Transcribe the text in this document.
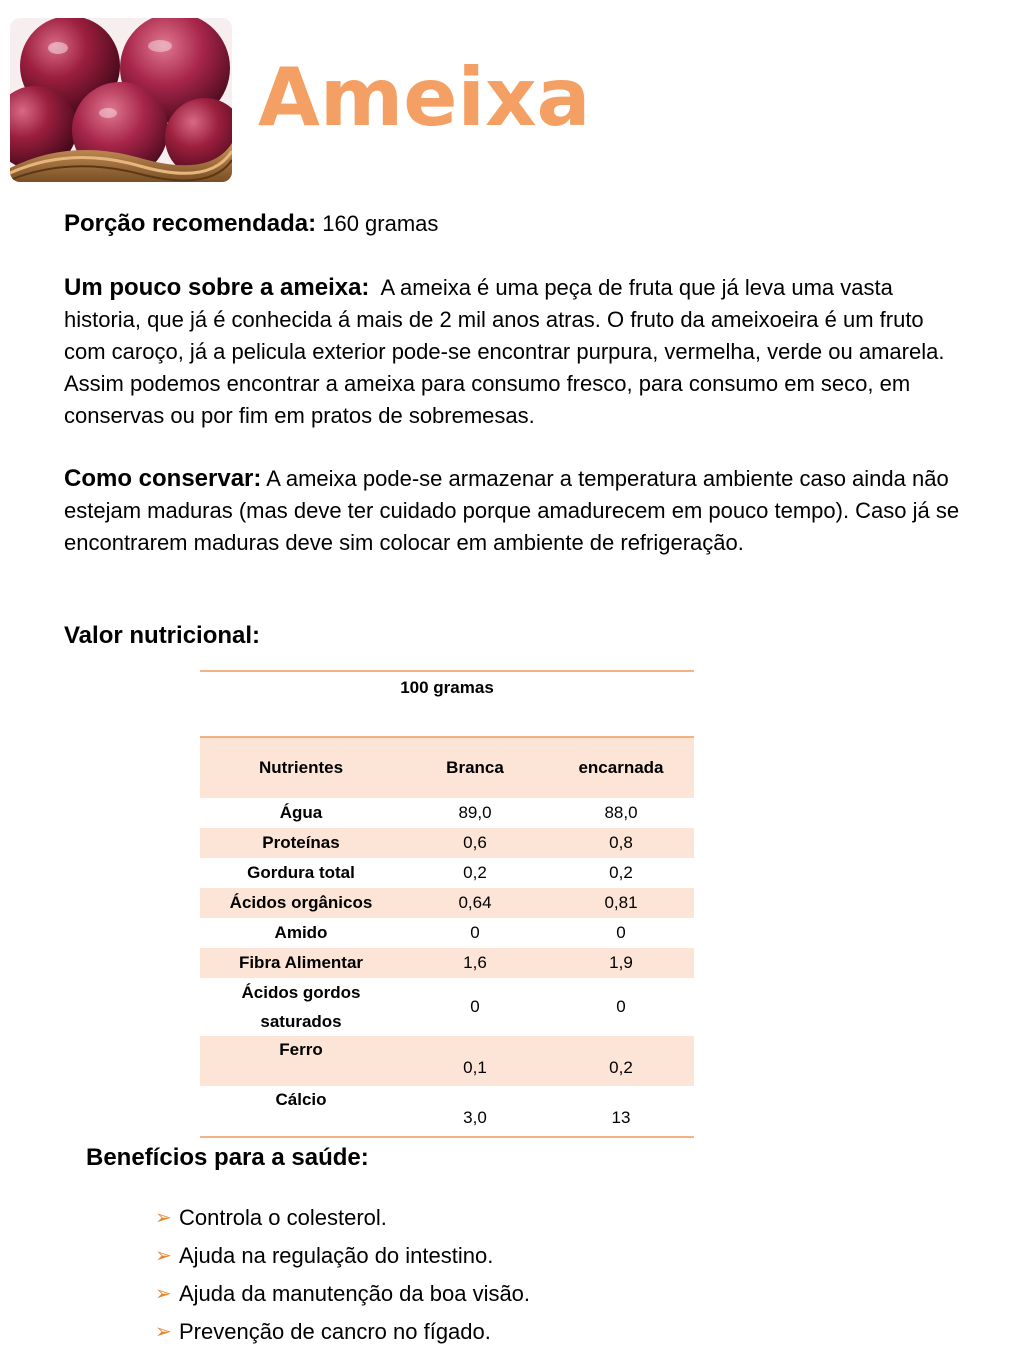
Ameixa
Porção recomendada: 160 gramas
Um pouco sobre a ameixa: A ameixa é uma peça de fruta que já leva uma vasta historia, que já é conhecida á mais de 2 mil anos atras. O fruto da ameixoeira é um fruto com caroço, já a pelicula exterior pode-se encontrar purpura, vermelha, verde ou amarela. Assim podemos encontrar a ameixa para consumo fresco, para consumo em seco, em conservas ou por fim em pratos de sobremesas.
Como conservar: A ameixa pode-se armazenar a temperatura ambiente caso ainda não estejam maduras (mas deve ter cuidado porque amadurecem em pouco tempo). Caso já se encontrarem maduras deve sim colocar em ambiente de refrigeração.
Valor nutricional:
100 gramas		
Nutrientes	Branca	encarnada
Água	89,0	88,0
Proteínas	0,6	0,8
Gordura total	0,2	0,2
Ácidos orgânicos	0,64	0,81
Amido	0	0
Fibra Alimentar	1,6	1,9
Ácidos gordos saturados	0	0
Ferro	0,1	0,2
Cálcio	3,0	13
Benefícios para a saúde:
➢ Controla o colesterol.
➢ Ajuda na regulação do intestino.
➢ Ajuda da manutenção da boa visão.
➢ Prevenção de cancro no fígado.
